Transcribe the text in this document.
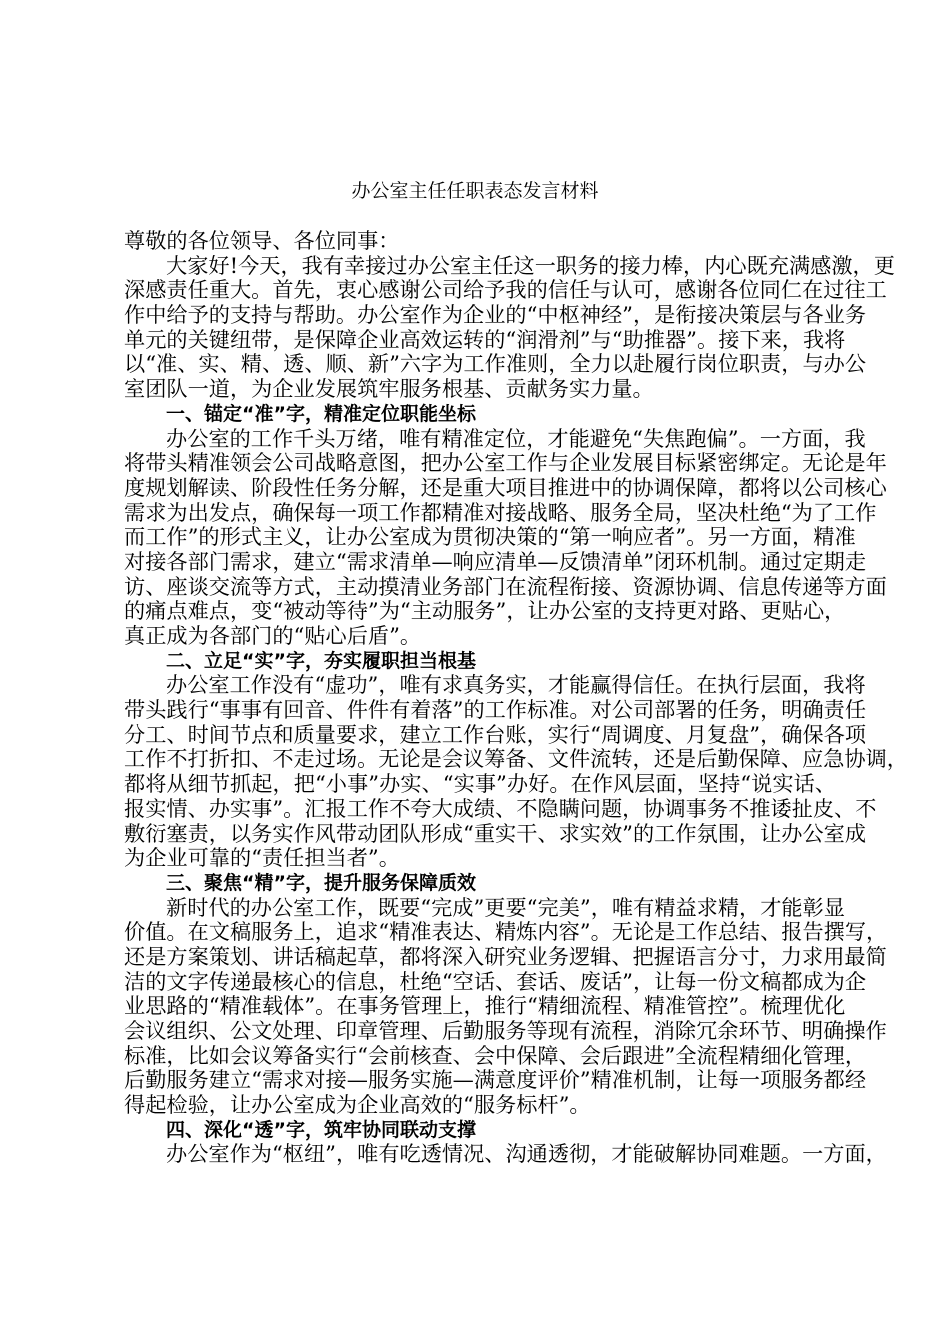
办公室主任任职表态发言材料
尊敬的各位领导、各位同事：
大家好!今天，我有幸接过办公室主任这一职务的接力棒，内心既充满感激，更
深感责任重大。首先，衷心感谢公司给予我的信任与认可，感谢各位同仁在过往工
作中给予的支持与帮助。办公室作为企业的“中枢神经”，是衔接决策层与各业务
单元的关键纽带，是保障企业高效运转的“润滑剂”与“助推器”。接下来，我将
以“准、实、精、透、顺、新”六字为工作准则，全力以赴履行岗位职责，与办公
室团队一道，为企业发展筑牢服务根基、贡献务实力量。
一、锚定“准”字，精准定位职能坐标
办公室的工作千头万绪，唯有精准定位，才能避免“失焦跑偏”。一方面，我
将带头精准领会公司战略意图，把办公室工作与企业发展目标紧密绑定。无论是年
度规划解读、阶段性任务分解，还是重大项目推进中的协调保障，都将以公司核心
需求为出发点，确保每一项工作都精准对接战略、服务全局，坚决杜绝“为了工作
而工作”的形式主义，让办公室成为贯彻决策的“第一响应者”。另一方面，精准
对接各部门需求，建立“需求清单—响应清单—反馈清单”闭环机制。通过定期走
访、座谈交流等方式，主动摸清业务部门在流程衔接、资源协调、信息传递等方面
的痛点难点，变“被动等待”为“主动服务”，让办公室的支持更对路、更贴心，
真正成为各部门的“贴心后盾”。
二、立足“实”字，夯实履职担当根基
办公室工作没有“虚功”，唯有求真务实，才能赢得信任。在执行层面，我将
带头践行“事事有回音、件件有着落”的工作标准。对公司部署的任务，明确责任
分工、时间节点和质量要求，建立工作台账，实行“周调度、月复盘”，确保各项
工作不打折扣、不走过场。无论是会议筹备、文件流转，还是后勤保障、应急协调，
都将从细节抓起，把“小事”办实、“实事”办好。在作风层面，坚持“说实话、
报实情、办实事”。汇报工作不夸大成绩、不隐瞒问题，协调事务不推诿扯皮、不
敷衍塞责，以务实作风带动团队形成“重实干、求实效”的工作氛围，让办公室成
为企业可靠的“责任担当者”。
三、聚焦“精”字，提升服务保障质效
新时代的办公室工作，既要“完成”更要“完美”，唯有精益求精，才能彰显
价值。在文稿服务上，追求“精准表达、精炼内容”。无论是工作总结、报告撰写，
还是方案策划、讲话稿起草，都将深入研究业务逻辑、把握语言分寸，力求用最简
洁的文字传递最核心的信息，杜绝“空话、套话、废话”，让每一份文稿都成为企
业思路的“精准载体”。在事务管理上，推行“精细流程、精准管控”。梳理优化
会议组织、公文处理、印章管理、后勤服务等现有流程，消除冗余环节、明确操作
标准，比如会议筹备实行“会前核查、会中保障、会后跟进”全流程精细化管理，
后勤服务建立“需求对接—服务实施—满意度评价”精准机制，让每一项服务都经
得起检验，让办公室成为企业高效的“服务标杆”。
四、深化“透”字，筑牢协同联动支撑
办公室作为“枢纽”，唯有吃透情况、沟通透彻，才能破解协同难题。一方面，
